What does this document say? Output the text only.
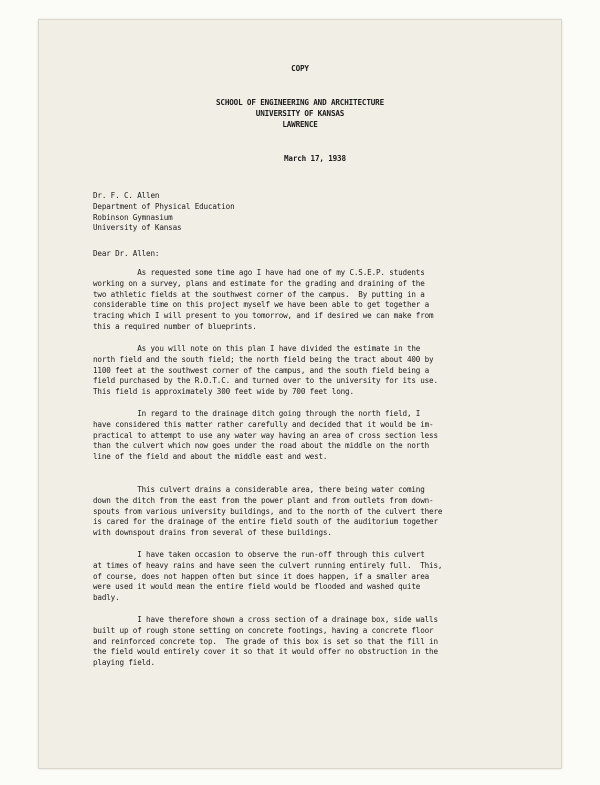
COPY
SCHOOL OF ENGINEERING AND ARCHITECTURE
UNIVERSITY OF KANSAS
LAWRENCE
March 17, 1938
Dr. F. C. Allen
Department of Physical Education
Robinson Gymnasium
University of Kansas
Dear Dr. Allen:
As requested some time ago I have had one of my C.S.E.P. students
working on a survey, plans and estimate for the grading and draining of the
two athletic fields at the southwest corner of the campus.  By putting in a
considerable time on this project myself we have been able to get together a
tracing which I will present to you tomorrow, and if desired we can make from
this a required number of blueprints.
As you will note on this plan I have divided the estimate in the
north field and the south field; the north field being the tract about 400 by
1100 feet at the southwest corner of the campus, and the south field being a
field purchased by the R.O.T.C. and turned over to the university for its use.
This field is approximately 300 feet wide by 700 feet long.
In regard to the drainage ditch going through the north field, I
have considered this matter rather carefully and decided that it would be im-
practical to attempt to use any water way having an area of cross section less
than the culvert which now goes under the road about the middle on the north
line of the field and about the middle east and west.
This culvert drains a considerable area, there being water coming
down the ditch from the east from the power plant and from outlets from down-
spouts from various university buildings, and to the north of the culvert there
is cared for the drainage of the entire field south of the auditorium together
with downspout drains from several of these buildings.
I have taken occasion to observe the run-off through this culvert
at times of heavy rains and have seen the culvert running entirely full.  This,
of course, does not happen often but since it does happen, if a smaller area
were used it would mean the entire field would be flooded and washed quite
badly.
I have therefore shown a cross section of a drainage box, side walls
built up of rough stone setting on concrete footings, having a concrete floor
and reinforced concrete top.  The grade of this box is set so that the fill in
the field would entirely cover it so that it would offer no obstruction in the
playing field.
